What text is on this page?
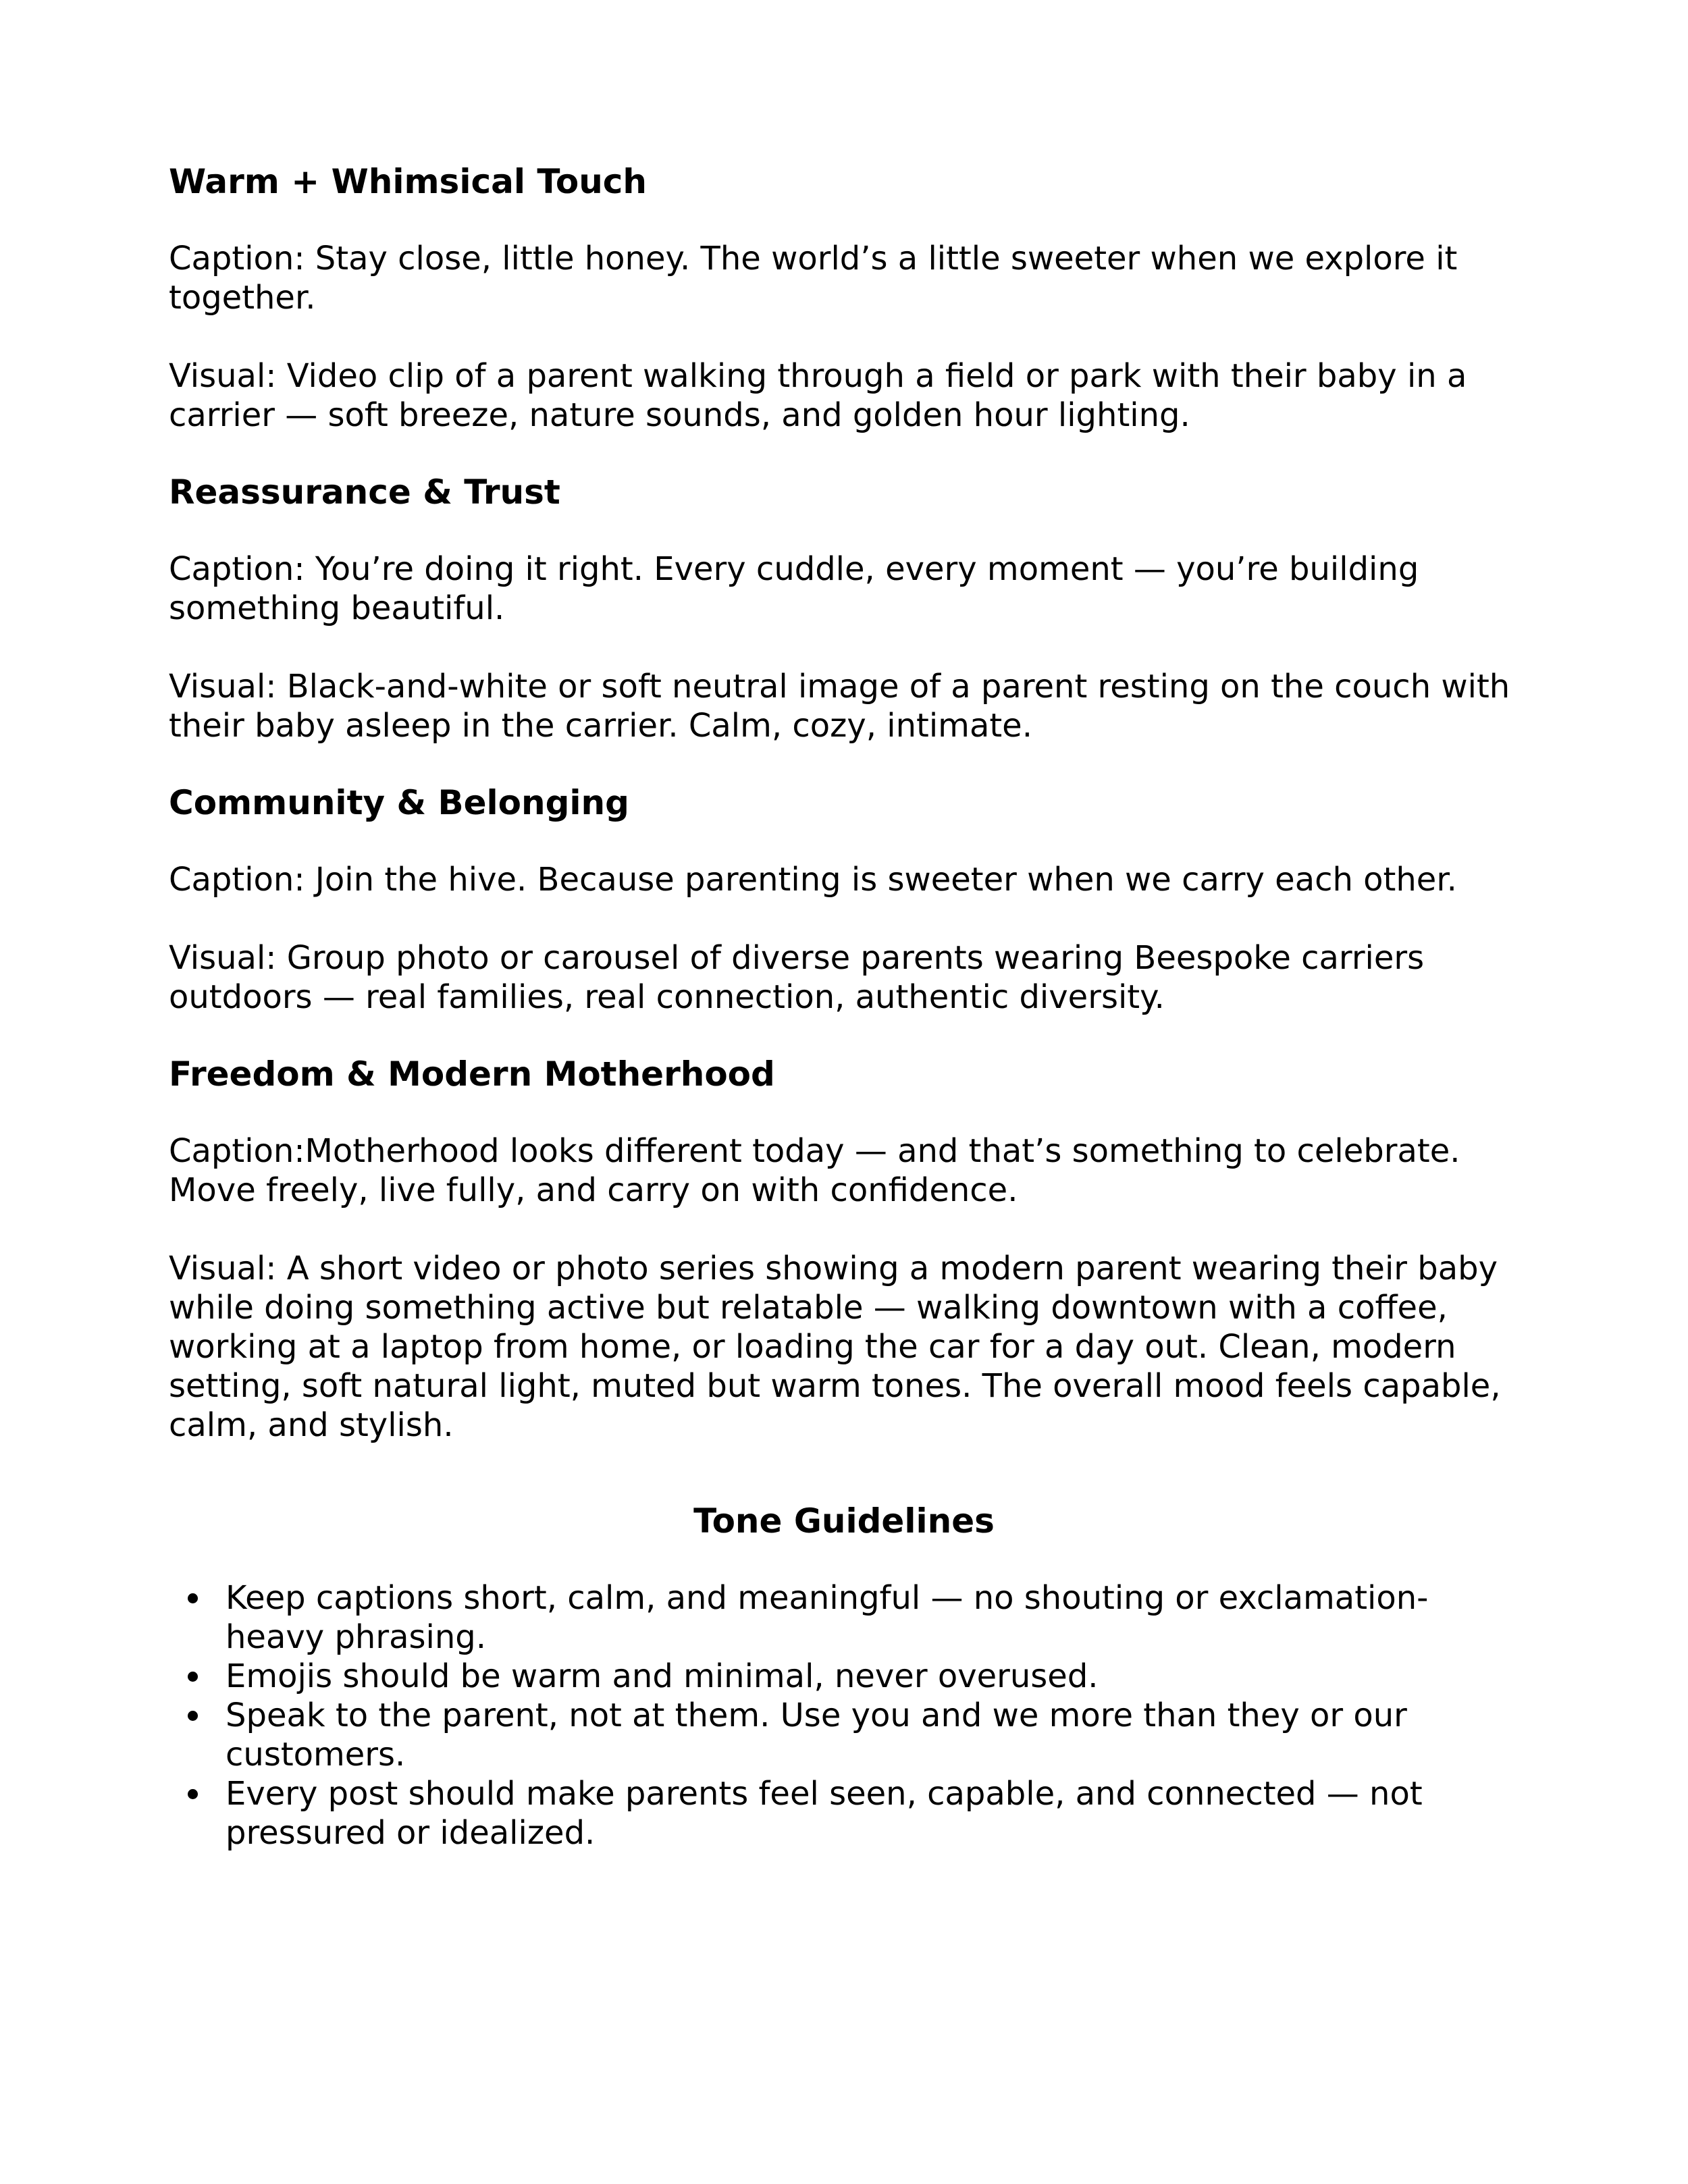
Warm + Whimsical Touch

Caption: Stay close, little honey. The world’s a little sweeter when we explore it together.

Visual: Video clip of a parent walking through a field or park with their baby in a carrier — soft breeze, nature sounds, and golden hour lighting.

Reassurance & Trust

Caption: You’re doing it right. Every cuddle, every moment — you’re building something beautiful.

Visual: Black-and-white or soft neutral image of a parent resting on the couch with their baby asleep in the carrier. Calm, cozy, intimate.

Community & Belonging

Caption: Join the hive. Because parenting is sweeter when we carry each other.

Visual: Group photo or carousel of diverse parents wearing Beespoke carriers outdoors — real families, real connection, authentic diversity.

Freedom & Modern Motherhood

Caption:Motherhood looks different today — and that’s something to celebrate. Move freely, live fully, and carry on with confidence.

Visual: A short video or photo series showing a modern parent wearing their baby while doing something active but relatable — walking downtown with a coffee, working at a laptop from home, or loading the car for a day out. Clean, modern setting, soft natural light, muted but warm tones. The overall mood feels capable, calm, and stylish.

Tone Guidelines
Keep captions short, calm, and meaningful — no shouting or exclamation-heavy phrasing.
Emojis should be warm and minimal, never overused.
Speak to the parent, not at them. Use you and we more than they or our customers.
Every post should make parents feel seen, capable, and connected — not pressured or idealized.
